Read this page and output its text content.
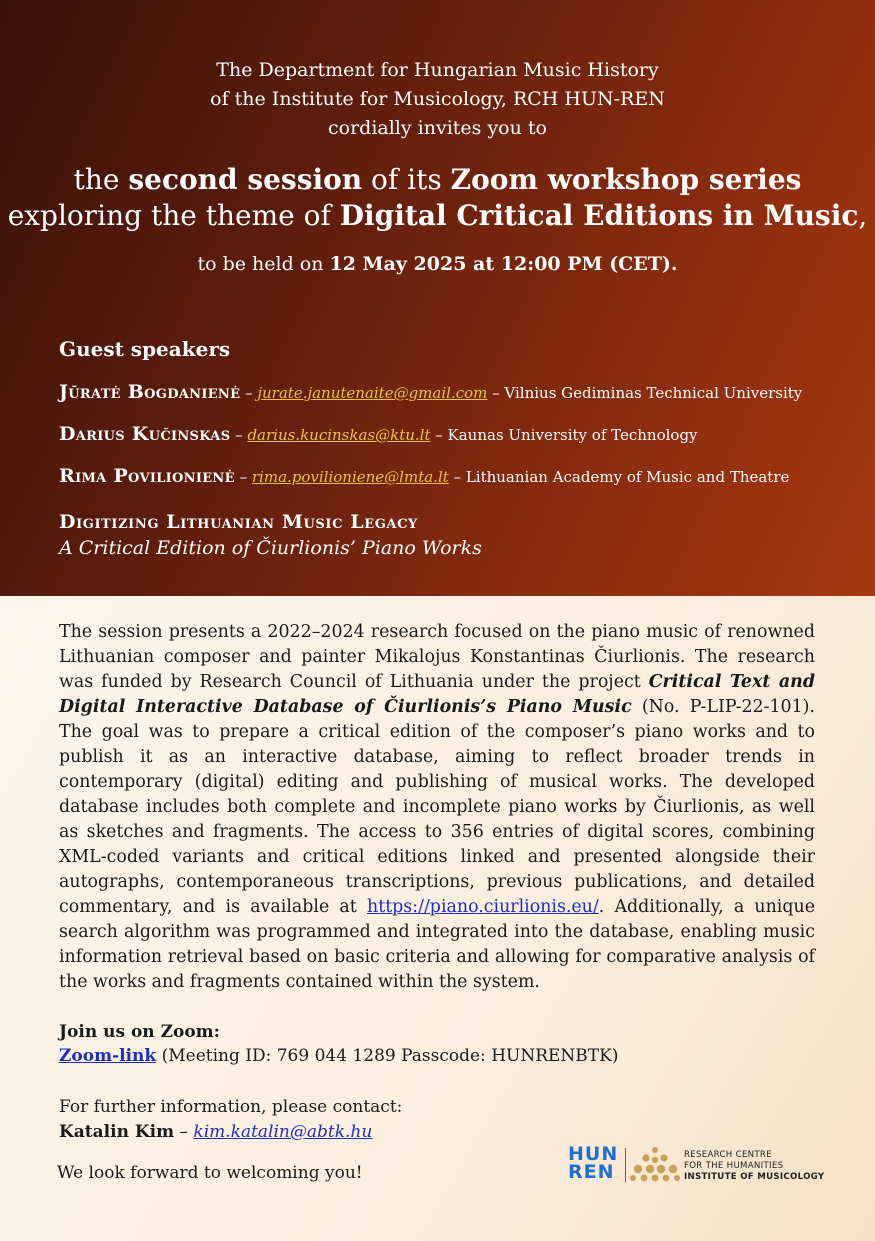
The Department for Hungarian Music History
of the Institute for Musicology, RCH HUN-REN
cordially invites you to
the second session of its Zoom workshop series
exploring the theme of Digital Critical Editions in Music,
to be held on 12 May 2025 at 12:00 PM (CET).
Guest speakers
Jūratė Bogdanienė – jurate.janutenaite@gmail.com – Vilnius Gediminas Technical University
Darius Kučinskas – darius.kucinskas@ktu.lt – Kaunas University of Technology
Rima Povilionienė – rima.povilioniene@lmta.lt – Lithuanian Academy of Music and Theatre
Digitizing Lithuanian Music Legacy
A Critical Edition of Čiurlionis’ Piano Works

The session presents a 2022–2024 research focused on the piano music of renowned Lithuanian composer and painter Mikalojus Konstantinas Čiurlionis. The research was funded by Research Council of Lithuania under the project Critical Text and Digital Interactive Database of Čiurlionis’s Piano Music (No. P-LIP-22-101). The goal was to prepare a critical edition of the composer’s piano works and to publish it as an interactive database, aiming to reflect broader trends in contemporary (digital) editing and publishing of musical works. The developed database includes both complete and incomplete piano works by Čiurlionis, as well as sketches and fragments. The access to 356 entries of digital scores, combining XML-coded variants and critical editions linked and presented alongside their autographs, contemporaneous transcriptions, previous publications, and detailed commentary, and is available at https://piano.ciurlionis.eu/. Additionally, a unique search algorithm was programmed and integrated into the database, enabling music information retrieval based on basic criteria and allowing for comparative analysis of the works and fragments contained within the system.

Join us on Zoom:
Zoom-link (Meeting ID: 769 044 1289 Passcode: HUNRENBTK)
For further information, please contact:
Katalin Kim – kim.katalin@abtk.hu
We look forward to welcoming you!
HUN
REN
RESEARCH CENTRE
FOR THE HUMANITIES
INSTITUTE OF MUSICOLOGY
